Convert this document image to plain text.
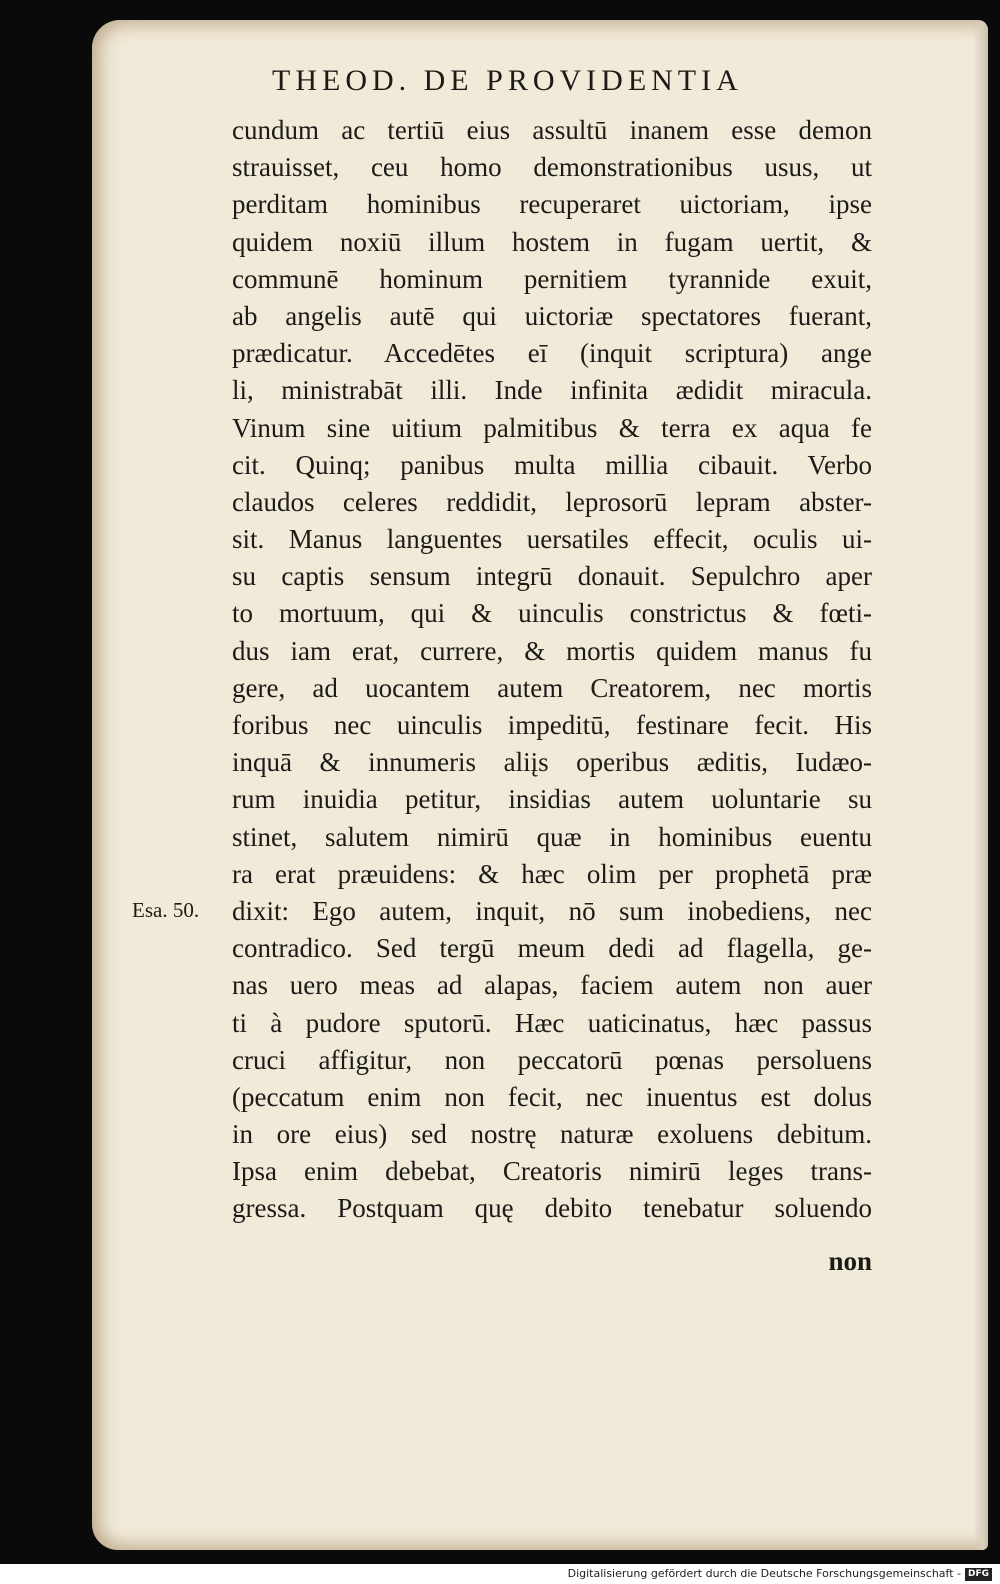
THEOD. DE PROVIDENTIA
cundum ac tertiū eius assultū inanem esse demon
strauisset, ceu homo demonstrationibus usus, ut
perditam hominibus recuperaret uictoriam, ipse
quidem noxiū illum hostem in fugam uertit, &
communē hominum pernitiem tyrannide exuit,
ab angelis autē qui uictoriæ spectatores fuerant,
prædicatur. Accedētes eī (inquit scriptura) ange
li, ministrabāt illi. Inde infinita ædidit miracula.
Vinum sine uitium palmitibus & terra ex aqua fe
cit. Quinq; panibus multa millia cibauit. Verbo
claudos celeres reddidit, leprosorū lepram abster-
sit. Manus languentes uersatiles effecit, oculis ui-
su captis sensum integrū donauit. Sepulchro aper
to mortuum, qui & uinculis constrictus & fœti-
dus iam erat, currere, & mortis quidem manus fu
gere, ad uocantem autem Creatorem, nec mortis
foribus nec uinculis impeditū, festinare fecit. His
inquā & innumeris aliįs operibus æditis, Iudæo-
rum inuidia petitur, insidias autem uoluntarie su
stinet, salutem nimirū quæ in hominibus euentu
ra erat præuidens: & hæc olim per prophetā præ
dixit: Ego autem, inquit, nō sum inobediens, nec
contradico. Sed tergū meum dedi ad flagella, ge-
nas uero meas ad alapas, faciem autem non auer
ti à pudore sputorū. Hæc uaticinatus, hæc passus
cruci affigitur, non peccatorū pœnas persoluens
(peccatum enim non fecit, nec inuentus est dolus
in ore eius) sed nostrę naturæ exoluens debitum.
Ipsa enim debebat, Creatoris nimirū leges trans-
gressa. Postquam quę debito tenebatur soluendo
Esa. 50.
non
Digitalisierung gefördert durch die Deutsche Forschungsgemeinschaft - DFG
